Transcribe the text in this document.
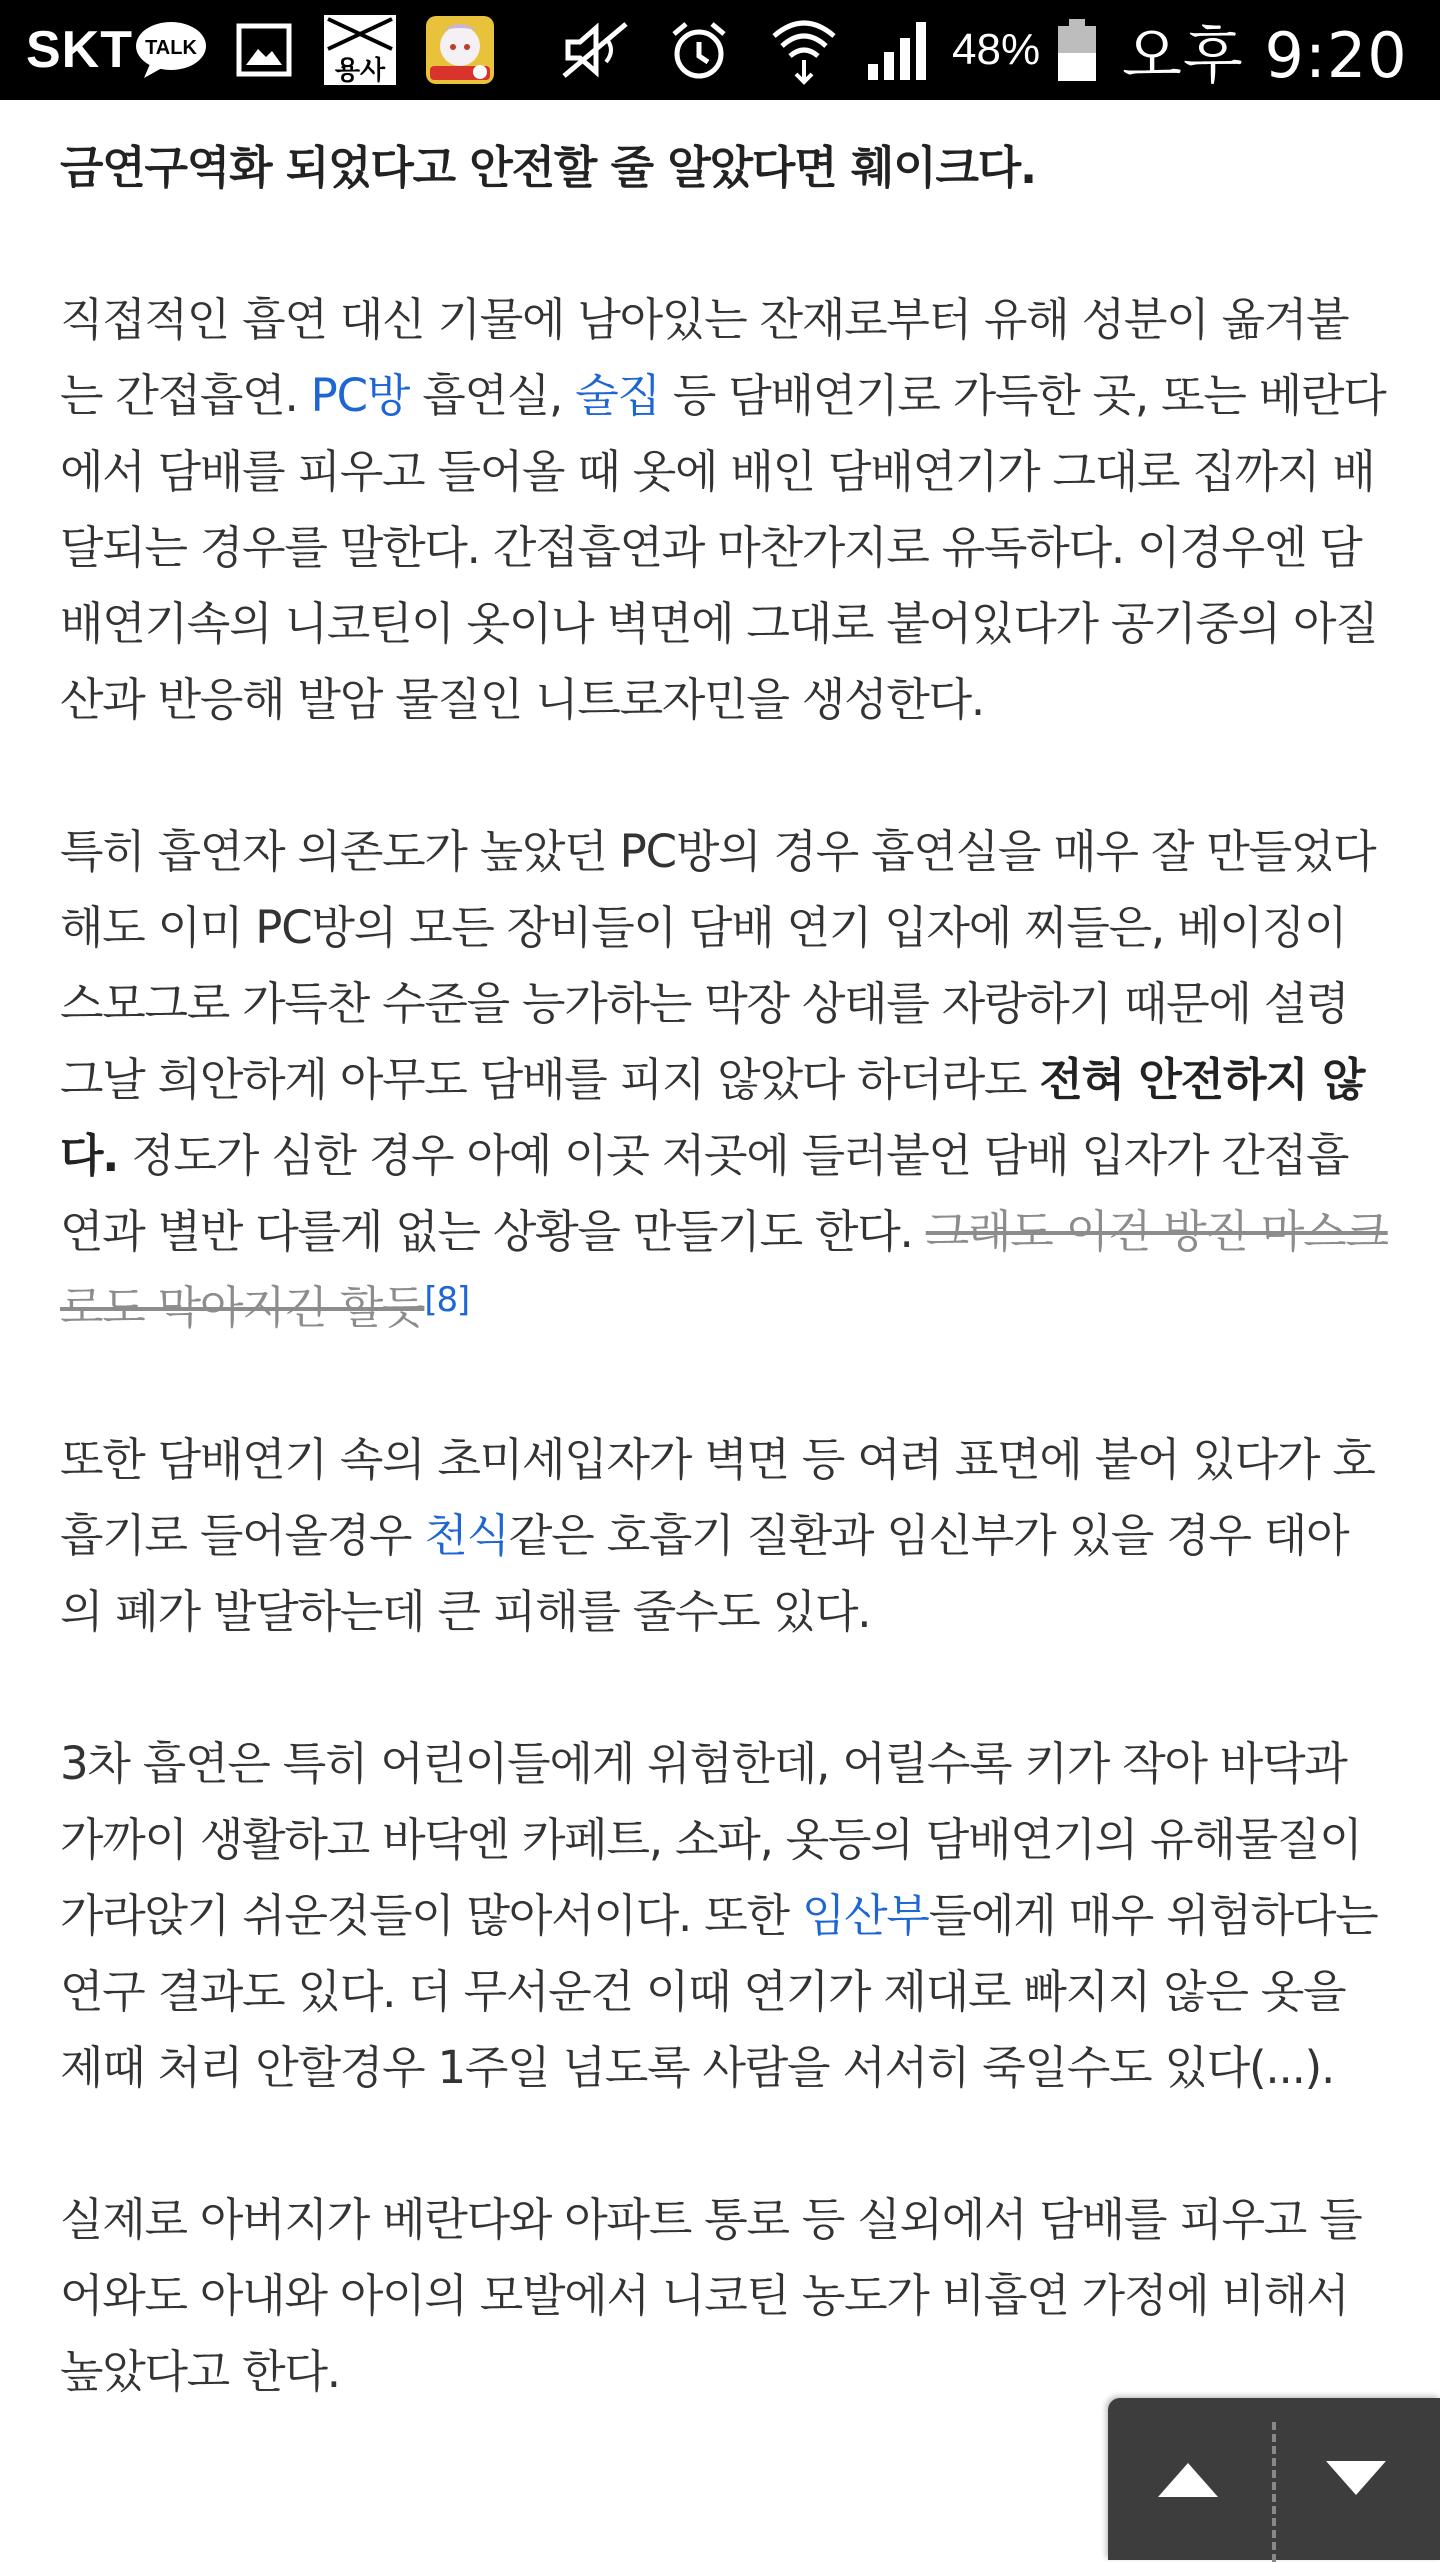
SKT TALK
용사	48% 오후 9:20

금연구역화 되었다고 안전할 줄 알았다면 훼이크다.

직접적인 흡연 대신 기물에 남아있는 잔재로부터 유해 성분이 옮겨붙는 간접흡연. PC방 흡연실, 술집 등 담배연기로 가득한 곳, 또는 베란다에서 담배를 피우고 들어올 때 옷에 배인 담배연기가 그대로 집까지 배달되는 경우를 말한다. 간접흡연과 마찬가지로 유독하다. 이경우엔 담배연기속의 니코틴이 옷이나 벽면에 그대로 붙어있다가 공기중의 아질산과 반응해 발암 물질인 니트로자민을 생성한다.

특히 흡연자 의존도가 높았던 PC방의 경우 흡연실을 매우 잘 만들었다해도 이미 PC방의 모든 장비들이 담배 연기 입자에 찌들은, 베이징이 스모그로 가득찬 수준을 능가하는 막장 상태를 자랑하기 때문에 설령 그날 희안하게 아무도 담배를 피지 않았다 하더라도 전혀 안전하지 않다. 정도가 심한 경우 아예 이곳 저곳에 들러붙언 담배 입자가 간접흡연과 별반 다를게 없는 상황을 만들기도 한다. 그래도 이건 방진 마스크로도 막아지긴 할듯[8]

또한 담배연기 속의 초미세입자가 벽면 등 여려 표면에 붙어 있다가 호흡기로 들어올경우 천식같은 호흡기 질환과 임신부가 있을 경우 태아의 폐가 발달하는데 큰 피해를 줄수도 있다.

3차 흡연은 특히 어린이들에게 위험한데, 어릴수록 키가 작아 바닥과 가까이 생활하고 바닥엔 카페트, 소파, 옷등의 담배연기의 유해물질이 가라앉기 쉬운것들이 많아서이다. 또한 임산부들에게 매우 위험하다는 연구 결과도 있다. 더 무서운건 이때 연기가 제대로 빠지지 않은 옷을 제때 처리 안할경우 1주일 넘도록 사람을 서서히 죽일수도 있다(...).

실제로 아버지가 베란다와 아파트 통로 등 실외에서 담배를 피우고 들어와도 아내와 아이의 모발에서 니코틴 농도가 비흡연 가정에 비해서 높았다고 한다.
